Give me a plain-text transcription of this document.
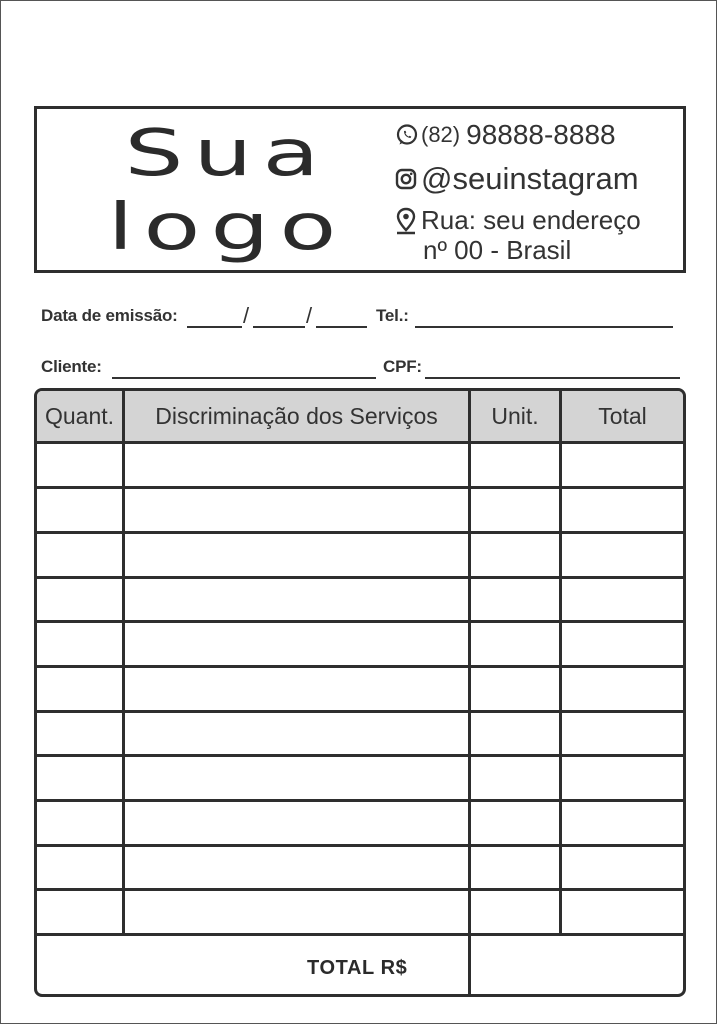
Sua
logo
(82) 98888-8888
@seuinstagram
Rua: seu endereço
nº 00 - Brasil
Data de emissão:	/	/	Tel.:
Cliente:	CPF:
Quant.	Discriminação dos Serviços	Unit.	Total
TOTAL R$
